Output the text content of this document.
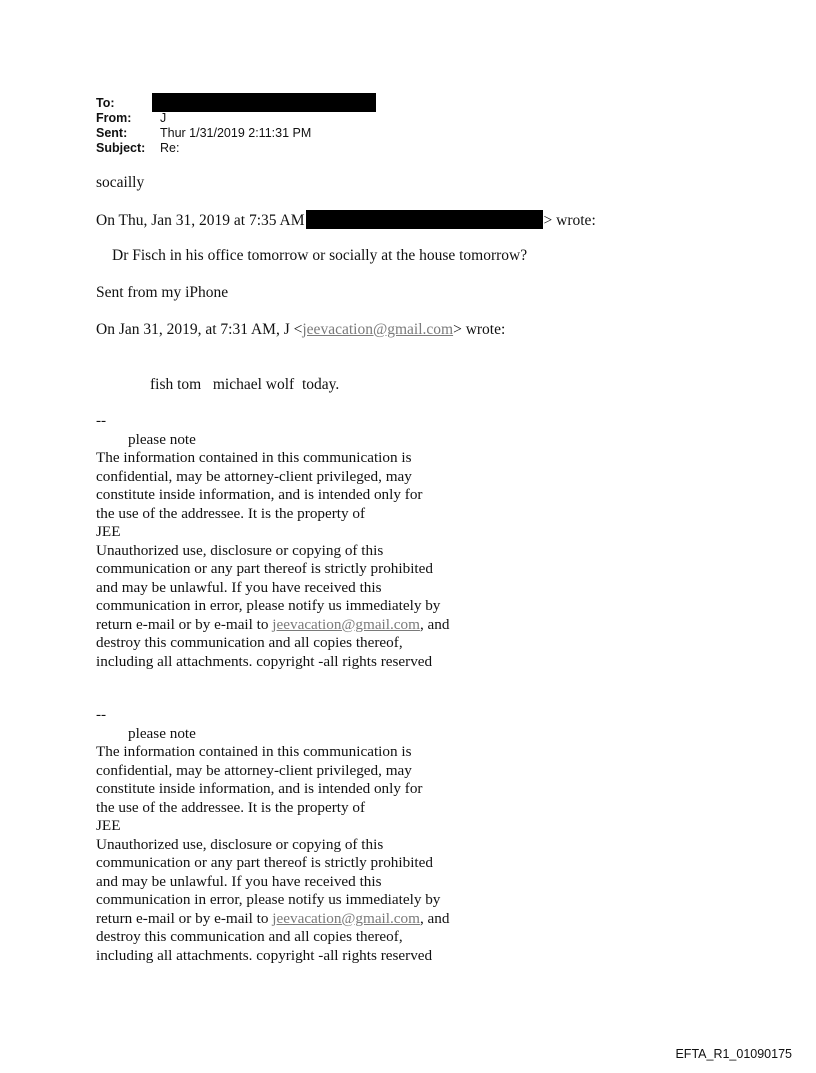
To:
From: J
Sent:	Thur 1/31/2019 2:11:31 PM
Subject: Re:
socailly
On Thu, Jan 31, 2019 at 7:35 AM	> wrote:
Dr Fisch in his office tomorrow or socially at the house tomorrow?
Sent from my iPhone
On Jan 31, 2019, at 7:31 AM, J <jeevacation@gmail.com> wrote:
fish tom   michael wolf  today.
--
please note
The information contained in this communication is
confidential, may be attorney-client privileged, may
constitute inside information, and is intended only for
the use of the addressee. It is the property of
JEE
Unauthorized use, disclosure or copying of this
communication or any part thereof is strictly prohibited
and may be unlawful. If you have received this
communication in error, please notify us immediately by
return e-mail or by e-mail to jeevacation@gmail.com, and
destroy this communication and all copies thereof,
including all attachments. copyright -all rights reserved
--
please note
The information contained in this communication is
confidential, may be attorney-client privileged, may
constitute inside information, and is intended only for
the use of the addressee. It is the property of
JEE
Unauthorized use, disclosure or copying of this
communication or any part thereof is strictly prohibited
and may be unlawful. If you have received this
communication in error, please notify us immediately by
return e-mail or by e-mail to jeevacation@gmail.com, and
destroy this communication and all copies thereof,
including all attachments. copyright -all rights reserved
EFTA_R1_01090175
